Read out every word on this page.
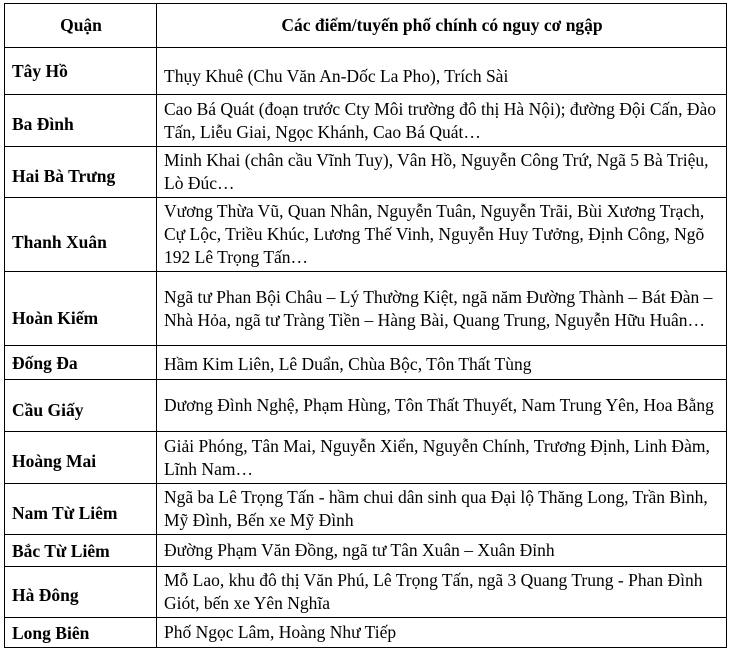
Quận	Các điểm/tuyến phố chính có nguy cơ ngập
Tây Hồ	Thụy Khuê (Chu Văn An-Dốc La Pho), Trích Sài
Ba Đình	Cao Bá Quát (đoạn trước Cty Môi trường đô thị Hà Nội); đường Đội Cấn, Đào Tấn, Liễu Giai, Ngọc Khánh, Cao Bá Quát…
Hai Bà Trưng	Minh Khai (chân cầu Vĩnh Tuy), Vân Hồ, Nguyễn Công Trứ, Ngã 5 Bà Triệu, Lò Đúc…
Thanh Xuân	Vương Thừa Vũ, Quan Nhân, Nguyễn Tuân, Nguyễn Trãi, Bùi Xương Trạch, Cự Lộc, Triều Khúc, Lương Thế Vinh, Nguyễn Huy Tưởng, Định Công, Ngõ 192 Lê Trọng Tấn…
Hoàn Kiếm	Ngã tư Phan Bội Châu – Lý Thường Kiệt, ngã năm Đường Thành – Bát Đàn – Nhà Hỏa, ngã tư Tràng Tiền – Hàng Bài, Quang Trung, Nguyễn Hữu Huân…
Đống Đa	Hầm Kim Liên, Lê Duẩn, Chùa Bộc, Tôn Thất Tùng
Cầu Giấy	Dương Đình Nghệ, Phạm Hùng, Tôn Thất Thuyết, Nam Trung Yên, Hoa Bằng
Hoàng Mai	Giải Phóng, Tân Mai, Nguyễn Xiển, Nguyễn Chính, Trương Định, Linh Đàm, Lĩnh Nam…
Nam Từ Liêm	Ngã ba Lê Trọng Tấn - hầm chui dân sinh qua Đại lộ Thăng Long, Trần Bình, Mỹ Đình, Bến xe Mỹ Đình
Bắc Từ Liêm	Đường Phạm Văn Đồng, ngã tư Tân Xuân – Xuân Đỉnh
Hà Đông	Mỗ Lao, khu đô thị Văn Phú, Lê Trọng Tấn, ngã 3 Quang Trung - Phan Đình Giót, bến xe Yên Nghĩa
Long Biên	Phố Ngọc Lâm, Hoàng Như Tiếp
